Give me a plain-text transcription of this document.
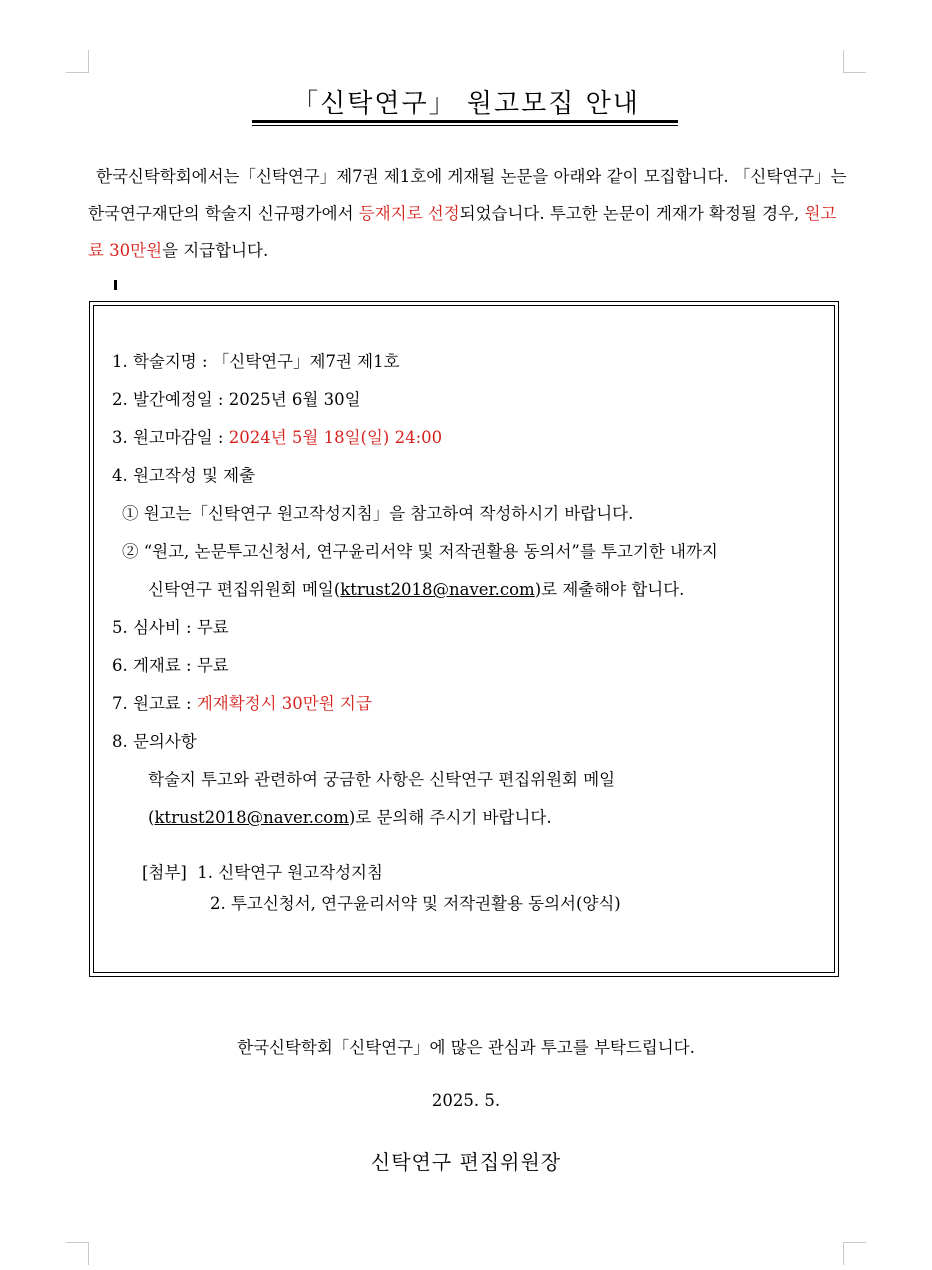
「신탁연구」 원고모집 안내

한국신탁학회에서는「신탁연구」제7권 제1호에 게재될 논문을 아래와 같이 모집합니다. 「신탁연구」는 한국연구재단의 학술지 신규평가에서 등재지로 선정되었습니다. 투고한 논문이 게재가 확정될 경우, 원고료 30만원을 지급합니다.

1. 학술지명 : 「신탁연구」제7권 제1호
2. 발간예정일 : 2025년 6월 30일
3. 원고마감일 : 2024년 5월 18일(일) 24:00
4. 원고작성 및 제출
① 원고는「신탁연구 원고작성지침」을 참고하여 작성하시기 바랍니다.
② “원고, 논문투고신청서, 연구윤리서약 및 저작권활용 동의서”를 투고기한 내까지
신탁연구 편집위원회 메일(ktrust2018@naver.com)로 제출해야 합니다.
5. 심사비 : 무료
6. 게재료 : 무료
7. 원고료 : 게재확정시 30만원 지급
8. 문의사항
학술지 투고와 관련하여 궁금한 사항은 신탁연구 편집위원회 메일
(ktrust2018@naver.com)로 문의해 주시기 바랍니다.
[첨부] 1. 신탁연구 원고작성지침
2. 투고신청서, 연구윤리서약 및 저작권활용 동의서(양식)
한국신탁학회「신탁연구」에 많은 관심과 투고를 부탁드립니다.
2025. 5.
신탁연구 편집위원장
